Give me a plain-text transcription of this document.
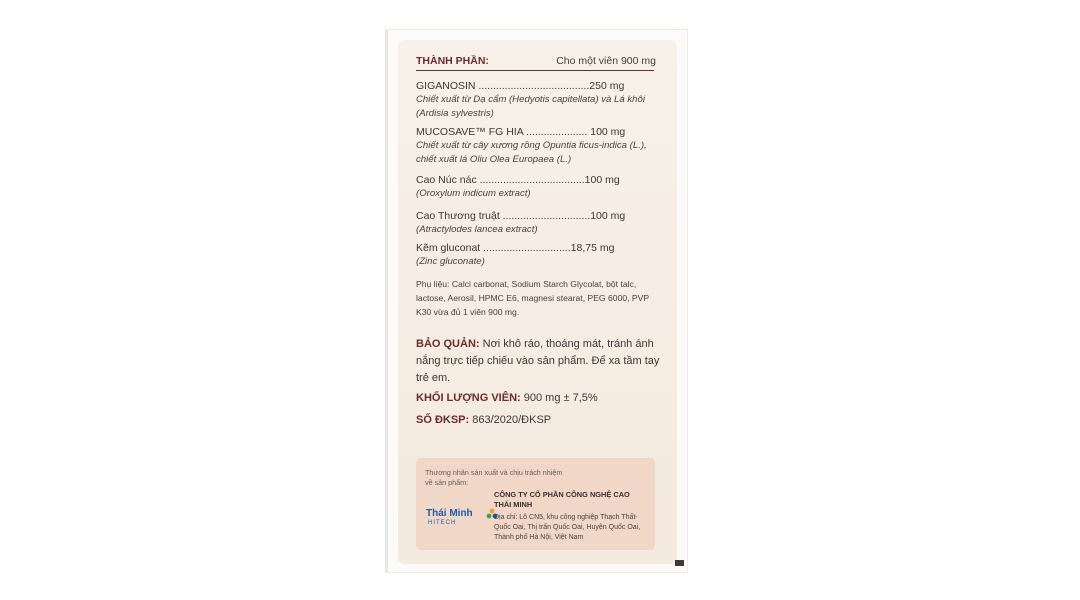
THÀNH PHẦN:	Cho một viên 900 mg
GIGANOSIN ......................................250 mg
Chiết xuất từ Dạ cẩm (Hedyotis capitellata) và Lá khôi (Ardisia sylvestris)
MUCOSAVE™ FG HIA ..................... 100 mg
Chiết xuất từ cây xương rồng Opuntia ficus-indica (L.), chiết xuất lá Oliu Olea Europaea (L.)
Cao Núc nác ....................................100 mg
(Oroxylum indicum extract)
Cao Thương truật ..............................100 mg
(Atractylodes lancea extract)
Kẽm gluconat ..............................18,75 mg
(Zinc gluconate)
Phụ liệu: Calci carbonat, Sodium Starch Glycolat, bột talc, lactose, Aerosil, HPMC E6, magnesi stearat, PEG 6000, PVP K30 vừa đủ 1 viên 900 mg.
BẢO QUẢN: Nơi khô ráo, thoáng mát, tránh ánh nắng trực tiếp chiếu vào sản phẩm. Để xa tầm tay trẻ em.
KHỐI LƯỢNG VIÊN: 900 mg ± 7,5%
SỐ ĐKSP: 863/2020/ĐKSP
Thương nhân sản xuất và chịu trách nhiệm về sản phẩm:
Thái Minh
HITECH
CÔNG TY CỔ PHẦN CÔNG NGHỆ CAO THÁI MINH
Địa chỉ: Lô CN5, khu công nghiệp Thạch Thất-Quốc Oai, Thị trấn Quốc Oai, Huyện Quốc Oai, Thành phố Hà Nội, Việt Nam
